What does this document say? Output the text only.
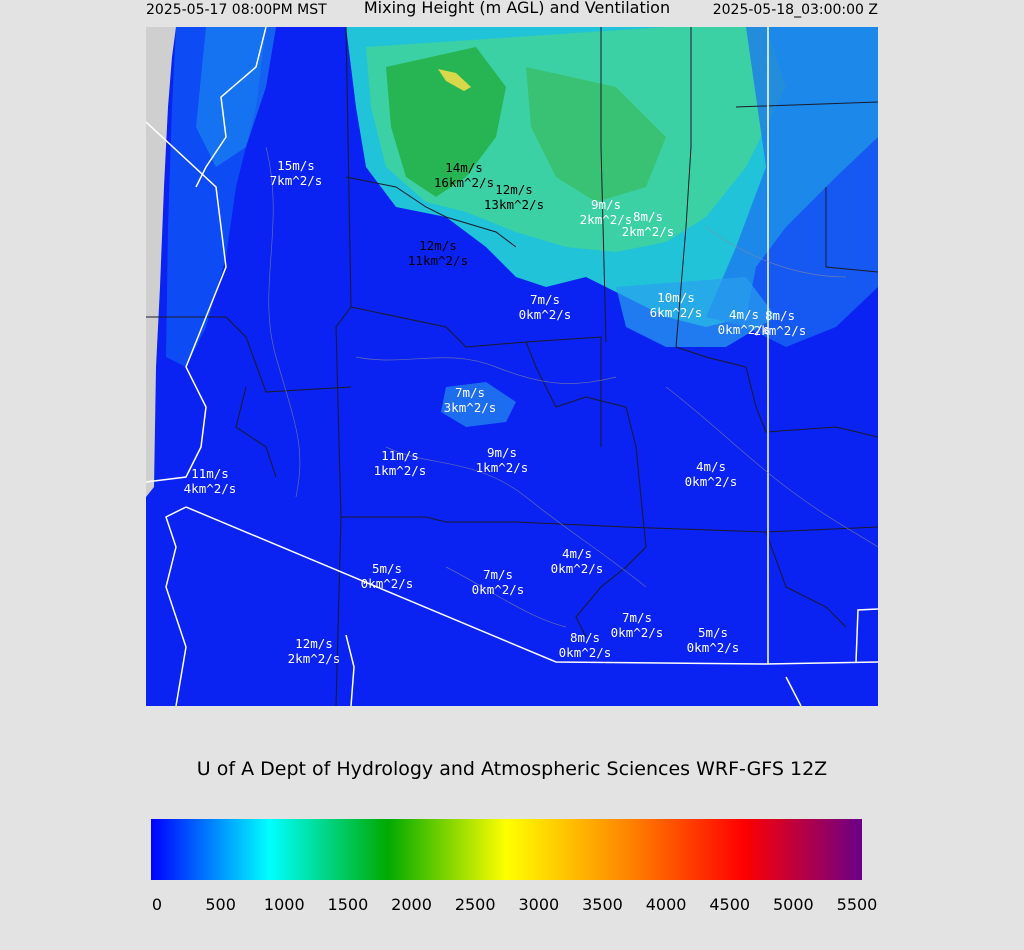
2025-05-17 08:00PM MST	Mixing Height (m AGL) and Ventilation	2025-05-18_03:00:00 Z
15m/s 7km^2/s
14m/s 16km^2/s 12m/s 13km^2/s	9m/s 2km^2/s 8m/s 2km^2/s
12m/s 11km^2/s
7m/s 0km^2/s
10m/s 6km^2/s	4m/s 0km^2/s
8m/s 2km^2/s
7m/s 3km^2/s
11m/s 1km^2/s
9m/s 1km^2/s	4m/s 0km^2/s
11m/s 4km^2/s
5m/s 0km^2/s
7m/s 0km^2/s
4m/s 0km^2/s
7m/s 0km^2/s
8m/s 0km^2/s
5m/s 0km^2/s
12m/s 2km^2/s
U of A Dept of Hydrology and Atmospheric Sciences WRF-GFS 12Z
0	500 1000 1500 2000 2500 3000 3500 4000 4500 5000 5500
